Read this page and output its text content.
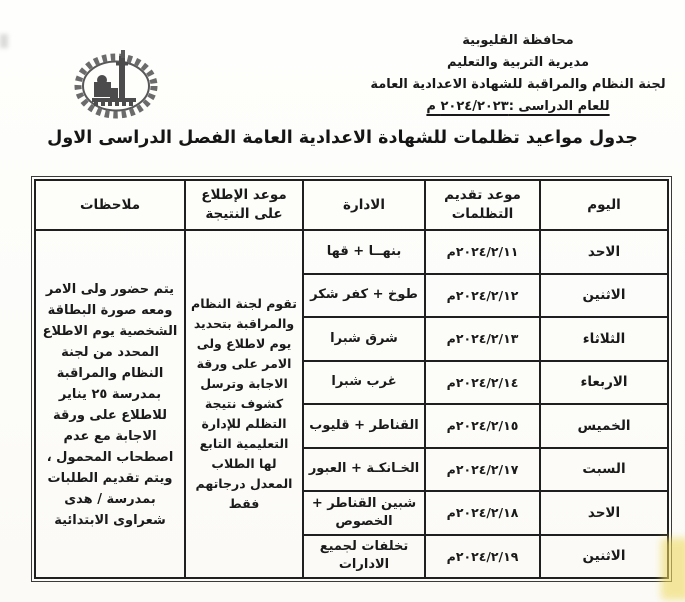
محافظة القليوبية
مديرية التربية والتعليم
لجنة النظام والمراقبة للشهادة الاعدادية العامة
للعام الدراسى :٢٠٢٤/٢٠٢٣ م
جدول مواعيد تظلمات للشهادة الاعدادية العامة الفصل الدراسى الاول
اليوم	موعد تقديم التظلمات	الادارة	موعد الإطلاع على النتيجة	ملاحظات
الاحد	٢٠٢٤/٢/١١م	بنهــا + قها	تقوم لجنة النظام والمراقبة بتحديد يوم لاطلاع ولى الامر على ورقة الاجابة وترسل كشوف نتيجة التظلم للإدارة التعليمية التابع لها الطلاب المعدل درجاتهم فقط	يتم حضور ولى الامر ومعه صورة البطاقة الشخصية يوم الاطلاع المحدد من لجنة النظام والمراقبة بمدرسة ٢٥ يناير للاطلاع على ورقة الاجابة مع عدم اصطحاب المحمول ، ويتم تقديم الطلبات بمدرسة / هدى شعراوى الابتدائية
الاثنين	٢٠٢٤/٢/١٢م	طوخ + كفر شكر		
الثلاثاء	٢٠٢٤/٢/١٣م	شرق شبرا		
الاربعاء	٢٠٢٤/٢/١٤م	غرب شبرا		
الخميس	٢٠٢٤/٢/١٥م	القناطر + قليوب		
السبت	٢٠٢٤/٢/١٧م	الخـانكـة + العبور		
الاحد	٢٠٢٤/٢/١٨م	شبين القناطر + الخصوص		
الاثنين	٢٠٢٤/٢/١٩م	تخلفات لجميع الادارات		
